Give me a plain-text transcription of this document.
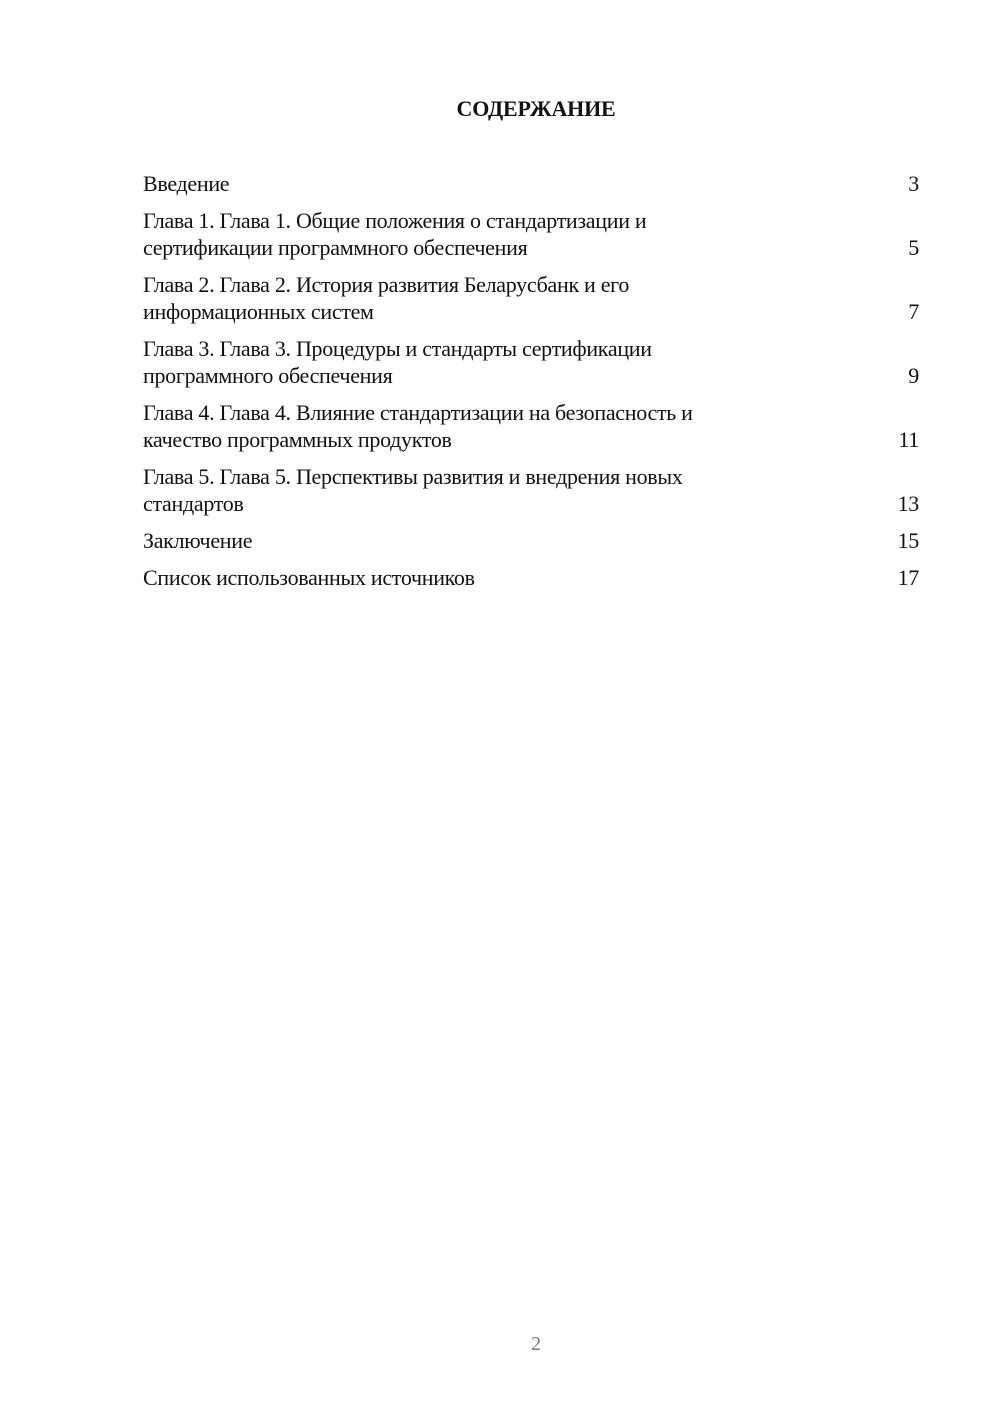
СОДЕРЖАНИЕ
Введение	3
Глава 1. Глава 1. Общие положения о стандартизации и
сертификации программного обеспечения	5
Глава 2. Глава 2. История развития Беларусбанк и его
информационных систем	7
Глава 3. Глава 3. Процедуры и стандарты сертификации
программного обеспечения	9
Глава 4. Глава 4. Влияние стандартизации на безопасность и
качество программных продуктов	11
Глава 5. Глава 5. Перспективы развития и внедрения новых
стандартов	13
Заключение	15
Список использованных источников	17
2
